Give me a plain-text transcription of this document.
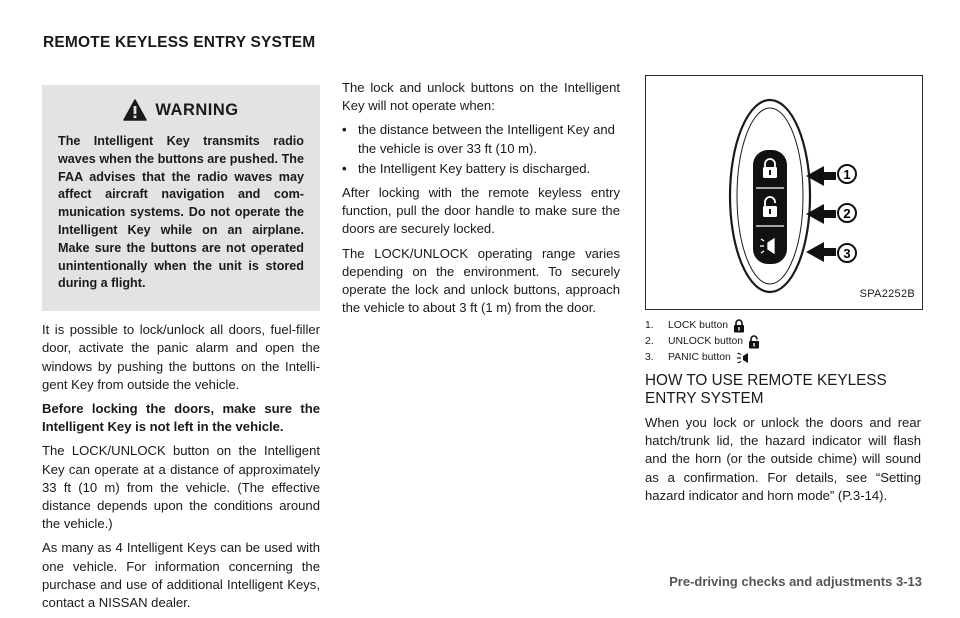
REMOTE KEYLESS ENTRY SYSTEM
WARNING

The Intelligent Key transmits radio waves when the buttons are pushed. The FAA advises that the radio waves may affect aircraft navigation and com-munication systems. Do not operate the Intelligent Key while on an airplane. Make sure the buttons are not operated unintentionally when the unit is stored during a flight.

It is possible to lock/unlock all doors, fuel-filler door, activate the panic alarm and open the windows by pushing the buttons on the Intelli-gent Key from outside the vehicle.

Before locking the doors, make sure the Intelligent Key is not left in the vehicle.

The LOCK/UNLOCK button on the Intelligent Key can operate at a distance of approximately 33 ft (10 m) from the vehicle. (The effective distance depends upon the conditions around the vehicle.)

As many as 4 Intelligent Keys can be used with one vehicle. For information concerning the purchase and use of additional Intelligent Keys, contact a NISSAN dealer.

The lock and unlock buttons on the Intelligent Key will not operate when:

• the distance between the Intelligent Key and the vehicle is over 33 ft (10 m).
• the Intelligent Key battery is discharged.

After locking with the remote keyless entry function, pull the door handle to make sure the doors are securely locked.

The LOCK/UNLOCK operating range varies depending on the environment. To securely operate the lock and unlock buttons, approach the vehicle to about 3 ft (1 m) from the door.

1
2
3
SPA2252B
1.	LOCK button
2.	UNLOCK button
3.	PANIC button
HOW TO USE REMOTE KEYLESS ENTRY SYSTEM

When you lock or unlock the doors and rear hatch/trunk lid, the hazard indicator will flash and the horn (or the outside chime) will sound as a confirmation. For details, see “Setting hazard indicator and horn mode” (P.3-14).

Pre-driving checks and adjustments 3-13
